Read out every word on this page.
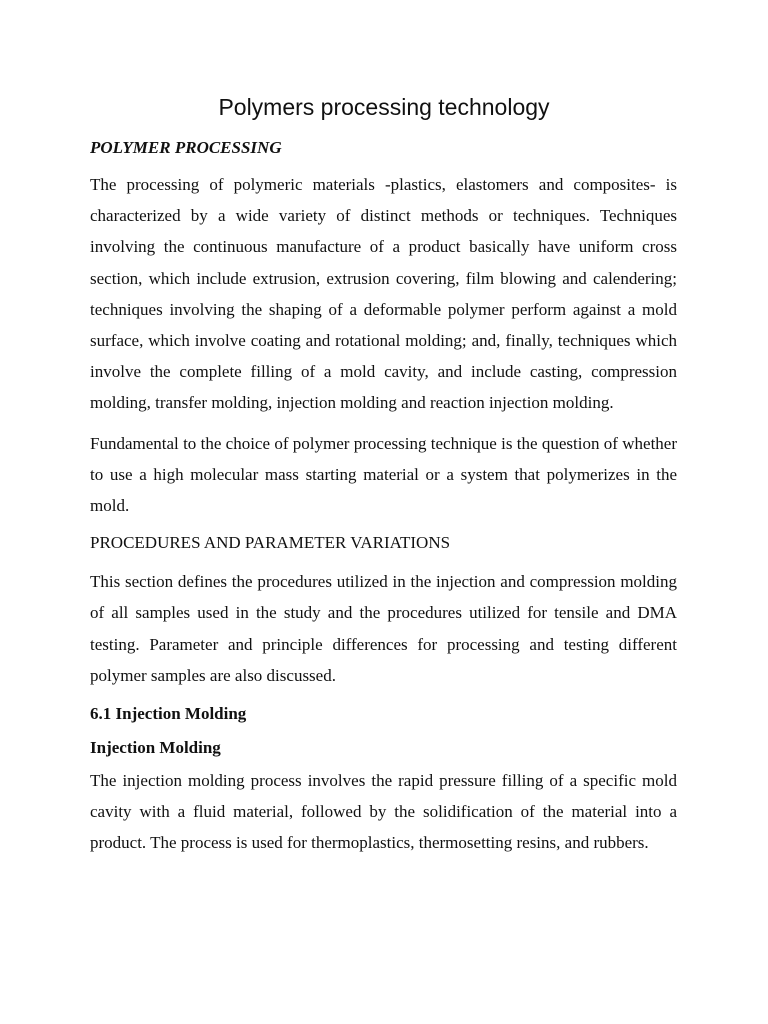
Polymers processing technology
POLYMER PROCESSING

The processing of polymeric materials -plastics, elastomers and composites- is characterized by a wide variety of distinct methods or techniques. Techniques involving the continuous manufacture of a product basically have uniform cross section, which include extrusion, extrusion covering, film blowing and calendering; techniques involving the shaping of a deformable polymer perform against a mold surface, which involve coating and rotational molding; and, finally, techniques which involve the complete filling of a mold cavity, and include casting, compression molding, transfer molding, injection molding and reaction injection molding.

Fundamental to the choice of polymer processing technique is the question of whether to use a high molecular mass starting material or a system that polymerizes in the mold.

PROCEDURES AND PARAMETER VARIATIONS

This section defines the procedures utilized in the injection and compression molding of all samples used in the study and the procedures utilized for tensile and DMA testing. Parameter and principle differences for processing and testing different polymer samples are also discussed.

6.1 Injection Molding
Injection Molding

The injection molding process involves the rapid pressure filling of a specific mold cavity with a fluid material, followed by the solidification of the material into a product. The process is used for thermoplastics, thermosetting resins, and rubbers.
